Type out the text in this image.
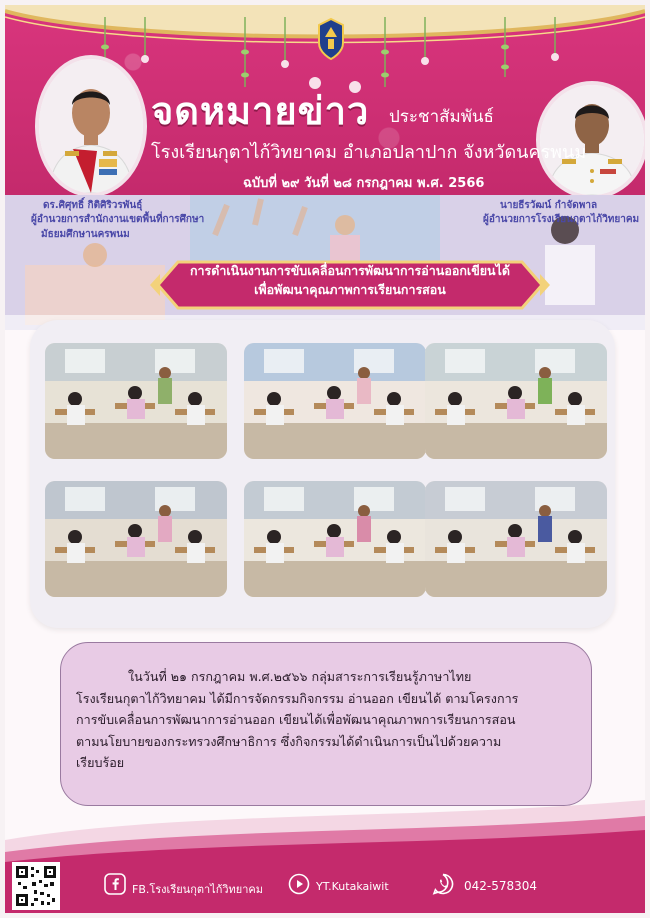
จดหมายข่าว ประชาสัมพันธ์
โรงเรียนกุตาไก้วิทยาคม อำเภอปลาปาก จังหวัดนครพนม
ฉบับที่ ๒๙ วันที่ ๒๘ กรกฎาคม พ.ศ. 2566
ดร.ศิศุทธิ์ กิติศิริวรพันธุ์
ผู้อำนวยการสำนักงานเขตพื้นที่การศึกษา
มัธยมศึกษานครพนม
นายธีรวัฒน์ กำจัดพาล
ผู้อำนวยการโรงเรียนกุตาไก้วิทยาคม
การดำเนินงานการขับเคลื่อนการพัฒนาการอ่านออกเขียนได้
เพื่อพัฒนาคุณภาพการเรียนการสอน
ในวันที่ ๒๑ กรกฎาคม พ.ศ.๒๕๖๖ กลุ่มสาระการเรียนรู้ภาษาไทย
โรงเรียนกุตาไก้วิทยาคม ได้มีการจัดกรรมกิจกรรม อ่านออก เขียนได้ ตามโครงการ
การขับเคลื่อนการพัฒนาการอ่านออก เขียนได้เพื่อพัฒนาคุณภาพการเรียนการสอน
ตามนโยบายของกระทรวงศึกษาธิการ ซึ่งกิจกรรมได้ดำเนินการเป็นไปด้วยความ
เรียบร้อย
FB.โรงเรียนกุตาไก้วิทยาคม	YT.Kutakaiwit	042-578304
